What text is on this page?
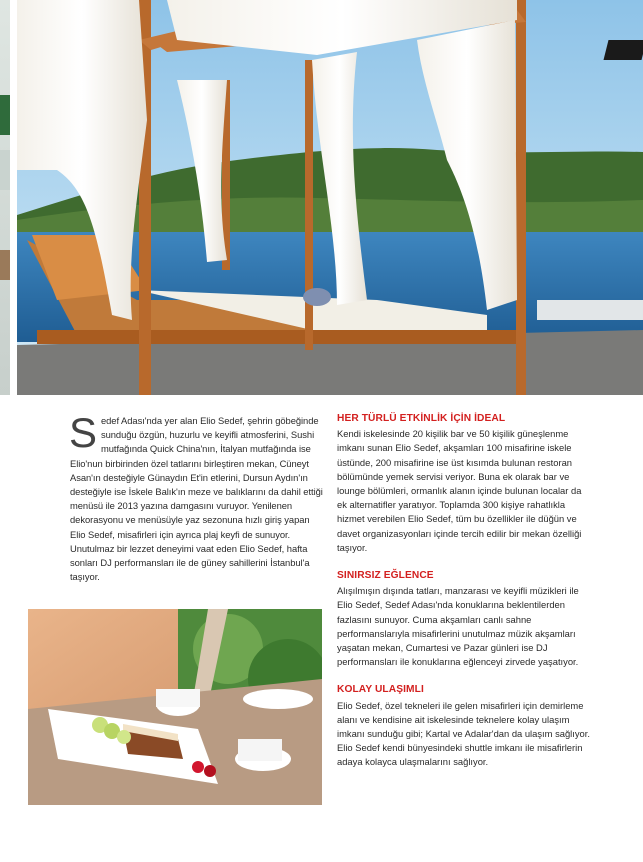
S edef Adası'nda yer alan Elio Sedef, şehrin göbeğinde sunduğu özgün, huzurlu ve keyifli atmosferini, Sushi mutfağında Quick China'nın, İtalyan mutfağında ise Elio'nun birbirinden özel tatlarını birleştiren mekan, Cüneyt Asan'ın desteğiyle Günaydın Et'in etlerini, Dursun Aydın'ın desteğiyle ise İskele Balık'ın meze ve balıklarını da dahil ettiği menüsü ile 2013 yazına damgasını vuruyor. Yenilenen dekorasyonu ve menüsüyle yaz sezonuna hızlı giriş yapan Elio Sedef, misafirleri için ayrıca plaj keyfi de sunuyor. Unutulmaz bir lezzet deneyimi vaat eden Elio Sedef, hafta sonları DJ performansları ile de güney sahillerini İstanbul'a taşıyor.

HER TÜRLÜ ETKİNLİK İÇİN İDEAL

Kendi iskelesinde 20 kişilik bar ve 50 kişilik güneşlenme imkanı sunan Elio Sedef, akşamları 100 misafirine iskele üstünde, 200 misafirine ise üst kısımda bulunan restoran bölümünde yemek servisi veriyor. Buna ek olarak bar ve lounge bölümleri, ormanlık alanın içinde bulunan localar da ek alternatifler yaratıyor. Toplamda 300 kişiye rahatlıkla hizmet verebilen Elio Sedef, tüm bu özellikler ile düğün ve davet organizasyonları içinde tercih edilir bir mekan özelliği taşıyor.

SINIRSIZ EĞLENCE

Alışılmışın dışında tatları, manzarası ve keyifli müzikleri ile Elio Sedef, Sedef Adası'nda konuklarına beklentilerden fazlasını sunuyor. Cuma akşamları canlı sahne performanslarıyla misafirlerini unutulmaz müzik akşamları yaşatan mekan, Cumartesi ve Pazar günleri ise DJ performansları ile konuklarına eğlenceyi zirvede yaşatıyor.

KOLAY ULAŞIMLI

Elio Sedef, özel tekneleri ile gelen misafirleri için demirleme alanı ve kendisine ait iskelesinde teknelere kolay ulaşım imkanı sunduğu gibi; Kartal ve Adalar'dan da ulaşım sağlıyor. Elio Sedef kendi bünyesindeki shuttle imkanı ile misafirlerin adaya kolayca ulaşmalarını sağlıyor.
